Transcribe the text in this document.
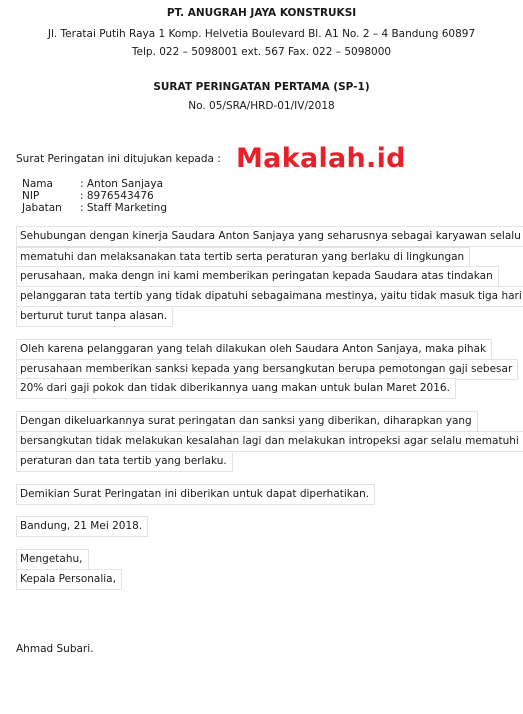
PT. ANUGRAH JAYA KONSTRUKSI
Jl. Teratai Putih Raya 1 Komp. Helvetia Boulevard Bl. A1 No. 2 – 4 Bandung 60897
Telp. 022 – 5098001 ext. 567 Fax. 022 – 5098000
SURAT PERINGATAN PERTAMA (SP-1)
No. 05/SRA/HRD-01/IV/2018
Surat Peringatan ini ditujukan kepada : Makalah.id
Nama	: Anton Sanjaya
NIP	: 8976543476
Jabatan : Staff Marketing
Sehubungan dengan kinerja Saudara Anton Sanjaya yang seharusnya sebagai karyawan selalu
mematuhi dan melaksanakan tata tertib serta peraturan yang berlaku di lingkungan
perusahaan, maka dengn ini kami memberikan peringatan kepada Saudara atas tindakan
pelanggaran tata tertib yang tidak dipatuhi sebagaimana mestinya, yaitu tidak masuk tiga hari
berturut turut tanpa alasan.
Oleh karena pelanggaran yang telah dilakukan oleh Saudara Anton Sanjaya, maka pihak
perusahaan memberikan sanksi kepada yang bersangkutan berupa pemotongan gaji sebesar
20% dari gaji pokok dan tidak diberikannya uang makan untuk bulan Maret 2016.
Dengan dikeluarkannya surat peringatan dan sanksi yang diberikan, diharapkan yang
bersangkutan tidak melakukan kesalahan lagi dan melakukan intropeksi agar selalu mematuhi
peraturan dan tata tertib yang berlaku.
Demikian Surat Peringatan ini diberikan untuk dapat diperhatikan.
Bandung, 21 Mei 2018.
Mengetahu,
Kepala Personalia,
Ahmad Subari.
